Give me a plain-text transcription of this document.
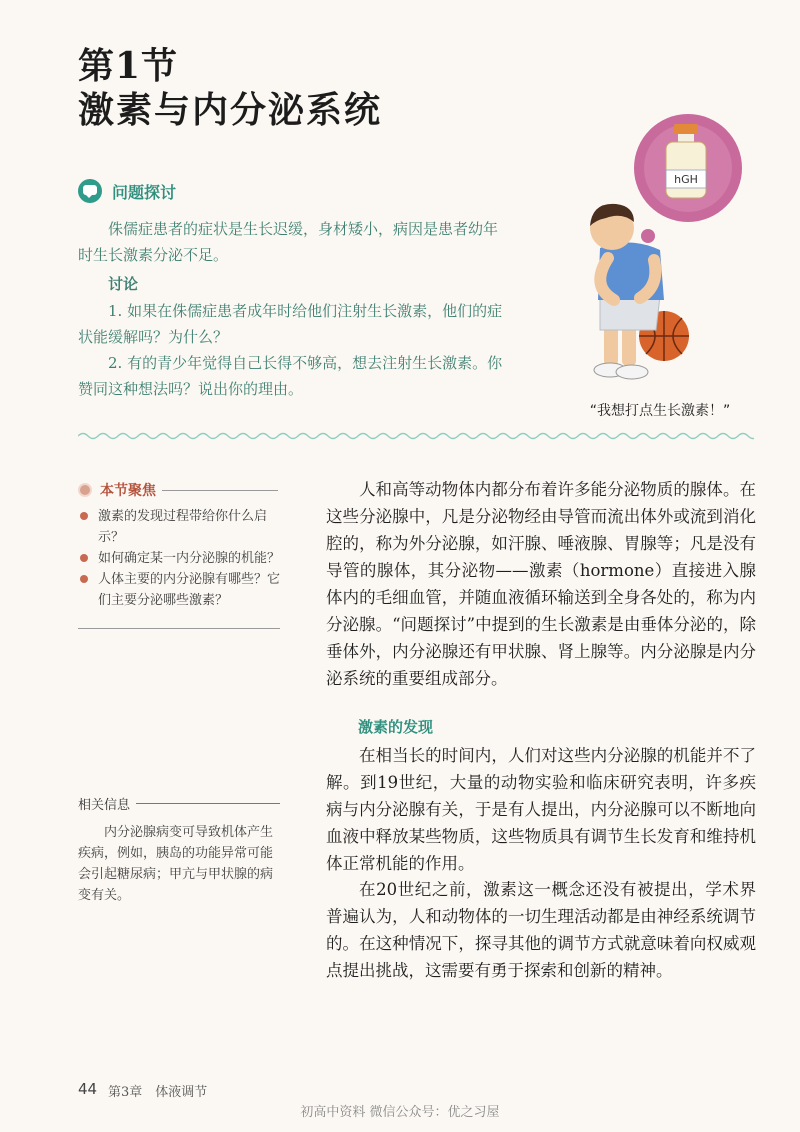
第1节
激素与内分泌系统
问题探讨
侏儒症患者的症状是生长迟缓，身材矮小，病因是患者幼年时生长激素分泌不足。
讨论
1. 如果在侏儒症患者成年时给他们注射生长激素，他们的症状能缓解吗？为什么？
2. 有的青少年觉得自己长得不够高，想去注射生长激素。你赞同这种想法吗？说出你的理由。
hGH
“我想打点生长激素！”
本节聚焦
激素的发现过程带给你什么启示？
如何确定某一内分泌腺的机能？
人体主要的内分泌腺有哪些？它们主要分泌哪些激素？
相关信息
内分泌腺病变可导致机体产生疾病，例如，胰岛的功能异常可能会引起糖尿病；甲亢与甲状腺的病变有关。
人和高等动物体内都分布着许多能分泌物质的腺体。在这些分泌腺中，凡是分泌物经由导管而流出体外或流到消化腔的，称为外分泌腺，如汗腺、唾液腺、胃腺等；凡是没有导管的腺体，其分泌物——激素（hormone）直接进入腺体内的毛细血管，并随血液循环输送到全身各处的，称为内分泌腺。“问题探讨”中提到的生长激素是由垂体分泌的，除垂体外，内分泌腺还有甲状腺、肾上腺等。内分泌腺是内分泌系统的重要组成部分。
激素的发现
在相当长的时间内，人们对这些内分泌腺的机能并不了解。到19世纪，大量的动物实验和临床研究表明，许多疾病与内分泌腺有关，于是有人提出，内分泌腺可以不断地向血液中释放某些物质，这些物质具有调节生长发育和维持机体正常机能的作用。
在20世纪之前，激素这一概念还没有被提出，学术界普遍认为，人和动物体的一切生理活动都是由神经系统调节的。在这种情况下，探寻其他的调节方式就意味着向权威观点提出挑战，这需要有勇于探索和创新的精神。
44 第3章　体液调节
初高中资料 微信公众号：优之习屋
